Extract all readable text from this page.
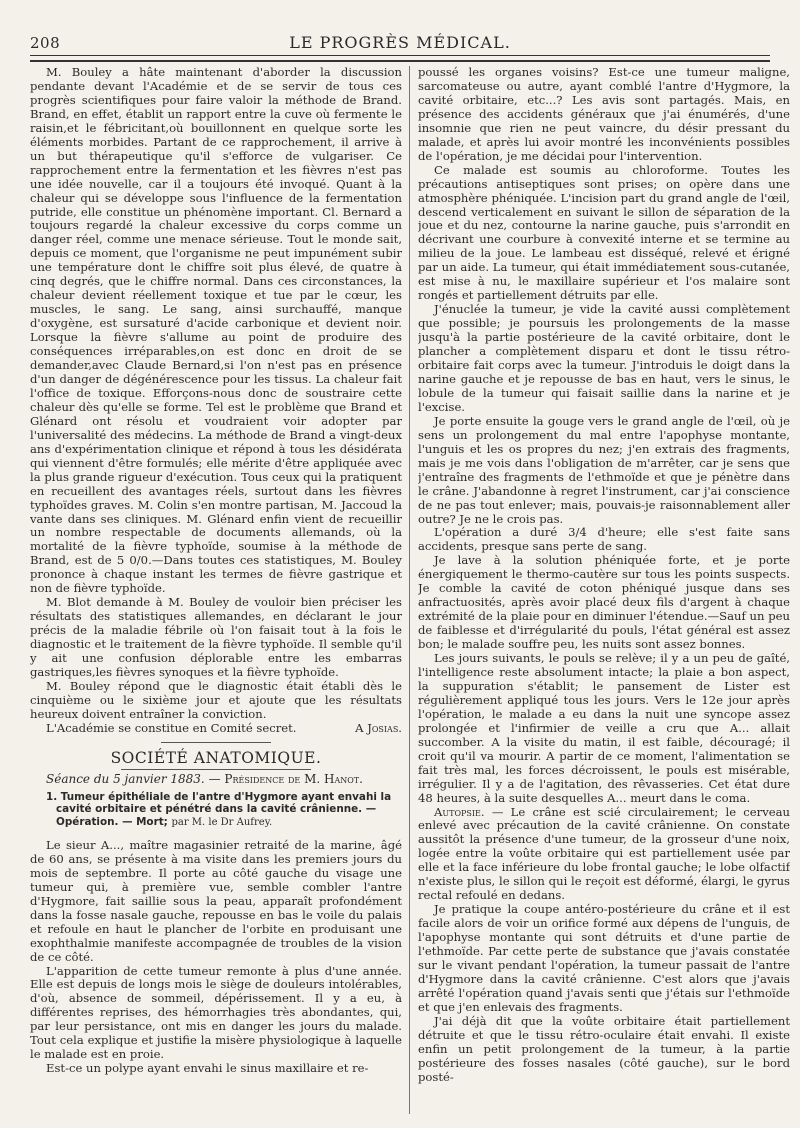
208	LE PROGRÈS MÉDICAL.

M. Bouley a hâte maintenant d'aborder la discussion pendante devant l'Académie et de se servir de tous ces progrès scientifiques pour faire valoir la méthode de Brand. Brand, en effet, établit un rapport entre la cuve où fermente le raisin,et le fébricitant,où bouillonnent en quelque sorte les éléments morbides. Partant de ce rapprochement, il arrive à un but thérapeutique qu'il s'efforce de vulgariser. Ce rapprochement entre la fermentation et les fièvres n'est pas une idée nouvelle, car il a toujours été invoqué. Quant à la chaleur qui se développe sous l'influence de la fermentation putride, elle constitue un phénomène important. Cl. Bernard a toujours regardé la chaleur excessive du corps comme un danger réel, comme une menace sérieuse. Tout le monde sait, depuis ce moment, que l'organisme ne peut impunément subir une température dont le chiffre soit plus élevé, de quatre à cinq degrés, que le chiffre normal. Dans ces circonstances, la chaleur devient réellement toxique et tue par le cœur, les muscles, le sang. Le sang, ainsi surchauffé, manque d'oxygène, est sursaturé d'acide carbonique et devient noir. Lorsque la fièvre s'allume au point de produire des conséquences irréparables,on est donc en droit de se demander,avec Claude Bernard,si l'on n'est pas en présence d'un danger de dégénérescence pour les tissus. La chaleur fait l'office de toxique. Efforçons-nous donc de soustraire cette chaleur dès qu'elle se forme. Tel est le problème que Brand et Glénard ont résolu et voudraient voir adopter par l'universalité des médecins. La méthode de Brand a vingt-deux ans d'expérimentation clinique et répond à tous les désidérata qui viennent d'être formulés; elle mérite d'être appliquée avec la plus grande rigueur d'exécution. Tous ceux qui la pratiquent en recueillent des avantages réels, surtout dans les fièvres typhoïdes graves. M. Colin s'en montre partisan, M. Jaccoud la vante dans ses cliniques. M. Glénard enfin vient de recueillir un nombre respectable de documents allemands, où la mortalité de la fièvre typhoïde, soumise à la méthode de Brand, est de 5 0/0.—Dans toutes ces statistiques, M. Bouley prononce à chaque instant les termes de fièvre gastrique et non de fièvre typhoïde.

M. Blot demande à M. Bouley de vouloir bien préciser les résultats des statistiques allemandes, en déclarant le jour précis de la maladie fébrile où l'on faisait tout à la fois le diagnostic et le traitement de la fièvre typhoïde. Il semble qu'il y ait une confusion déplorable entre les embarras gastriques,les fièvres synoques et la fièvre typhoïde.

M. Bouley répond que le diagnostic était établi dès le cinquième ou le sixième jour et ajoute que les résultats heureux doivent entraîner la conviction.

L'Académie se constitue en Comité secret.	A Josias.
SOCIÉTÉ ANATOMIQUE.

Séance du 5 janvier 1883. — Présidence de M. Hanot.

1. Tumeur épithéliale de l'antre d'Hygmore ayant envahi la cavité orbitaire et pénétré dans la cavité crânienne. — Opération. — Mort; par M. le Dr Aufrey.

Le sieur A..., maître magasinier retraité de la marine, âgé de 60 ans, se présente à ma visite dans les premiers jours du mois de septembre. Il porte au côté gauche du visage une tumeur qui, à première vue, semble combler l'antre d'Hygmore, fait saillie sous la peau, apparaît profondément dans la fosse nasale gauche, repousse en bas le voile du palais et refoule en haut le plancher de l'orbite en produisant une exophthalmie manifeste accompagnée de troubles de la vision de ce côté.

L'apparition de cette tumeur remonte à plus d'une année. Elle est depuis de longs mois le siège de douleurs intolérables, d'où, absence de sommeil, dépérissement. Il y a eu, à différentes reprises, des hémorrhagies très abondantes, qui, par leur persistance, ont mis en danger les jours du malade. Tout cela explique et justifie la misère physiologique à laquelle le malade est en proie.

Est-ce un polype ayant envahi le sinus maxillaire et re-

poussé les organes voisins? Est-ce une tumeur maligne, sarcomateuse ou autre, ayant comblé l'antre d'Hygmore, la cavité orbitaire, etc...? Les avis sont partagés. Mais, en présence des accidents généraux que j'ai énumérés, d'une insomnie que rien ne peut vaincre, du désir pressant du malade, et après lui avoir montré les inconvénients possibles de l'opération, je me décidai pour l'intervention.

Ce malade est soumis au chloroforme. Toutes les précautions antiseptiques sont prises; on opère dans une atmosphère phéniquée. L'incision part du grand angle de l'œil, descend verticalement en suivant le sillon de séparation de la joue et du nez, contourne la narine gauche, puis s'arrondit en décrivant une courbure à convexité interne et se termine au milieu de la joue. Le lambeau est disséqué, relevé et érigné par un aide. La tumeur, qui était immédiatement sous-cutanée, est mise à nu, le maxillaire supérieur et l'os malaire sont rongés et partiellement détruits par elle.

J'énuclée la tumeur, je vide la cavité aussi complètement que possible; je poursuis les prolongements de la masse jusqu'à la partie postérieure de la cavité orbitaire, dont le plancher a complètement disparu et dont le tissu rétro-orbitaire fait corps avec la tumeur. J'introduis le doigt dans la narine gauche et je repousse de bas en haut, vers le sinus, le lobule de la tumeur qui faisait saillie dans la narine et je l'excise.

Je porte ensuite la gouge vers le grand angle de l'œil, où je sens un prolongement du mal entre l'apophyse montante, l'unguis et les os propres du nez; j'en extrais des fragments, mais je me vois dans l'obligation de m'arrêter, car je sens que j'entraîne des fragments de l'ethmoïde et que je pénètre dans le crâne. J'abandonne à regret l'instrument, car j'ai conscience de ne pas tout enlever; mais, pouvais-je raisonnablement aller outre? Je ne le crois pas.

L'opération a duré 3/4 d'heure; elle s'est faite sans accidents, presque sans perte de sang.

Je lave à la solution phéniquée forte, et je porte énergiquement le thermo-cautère sur tous les points suspects. Je comble la cavité de coton phéniqué jusque dans ses anfractuosités, après avoir placé deux fils d'argent à chaque extrémité de la plaie pour en diminuer l'étendue.—Sauf un peu de faiblesse et d'irrégularité du pouls, l'état général est assez bon; le malade souffre peu, les nuits sont assez bonnes.

Les jours suivants, le pouls se relève; il y a un peu de gaîté, l'intelligence reste absolument intacte; la plaie a bon aspect, la suppuration s'établit; le pansement de Lister est régulièrement appliqué tous les jours. Vers le 12e jour après l'opération, le malade a eu dans la nuit une syncope assez prolongée et l'infirmier de veille a cru que A... allait succomber. A la visite du matin, il est faible, découragé; il croit qu'il va mourir. A partir de ce moment, l'alimentation se fait très mal, les forces décroissent, le pouls est misérable, irrégulier. Il y a de l'agitation, des rêvasseries. Cet état dure 48 heures, à la suite desquelles A... meurt dans le coma.

Autopsie. — Le crâne est scié circulairement; le cerveau enlevé avec précaution de la cavité crânienne. On constate aussitôt la présence d'une tumeur, de la grosseur d'une noix, logée entre la voûte orbitaire qui est partiellement usée par elle et la face inférieure du lobe frontal gauche; le lobe olfactif n'existe plus, le sillon qui le reçoit est déformé, élargi, le gyrus rectal refoulé en dedans.

Je pratique la coupe antéro-postérieure du crâne et il est facile alors de voir un orifice formé aux dépens de l'unguis, de l'apophyse montante qui sont détruits et d'une partie de l'ethmoïde. Par cette perte de substance que j'avais constatée sur le vivant pendant l'opération, la tumeur passait de l'antre d'Hygmore dans la cavité crânienne. C'est alors que j'avais arrêté l'opération quand j'avais senti que j'étais sur l'ethmoïde et que j'en enlevais des fragments.

J'ai déjà dit que la voûte orbitaire était partiellement détruite et que le tissu rétro-oculaire était envahi. Il existe enfin un petit prolongement de la tumeur, à la partie postérieure des fosses nasales (côté gauche), sur le bord posté-
